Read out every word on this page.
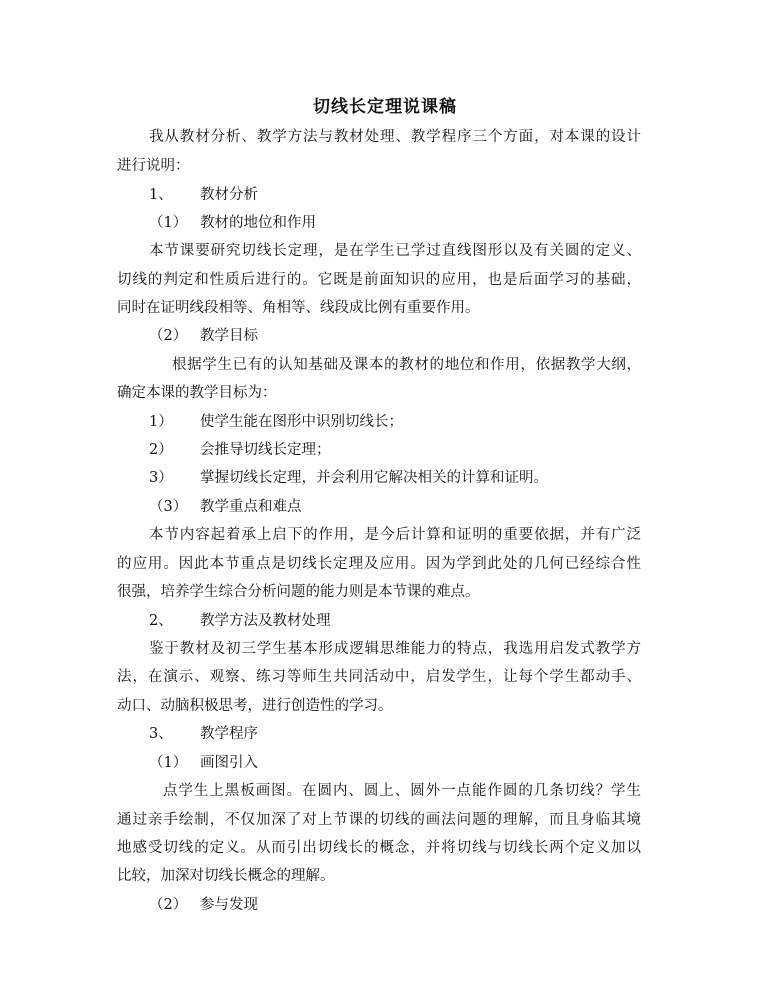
切线长定理说课稿
我从教材分析、教学方法与教材处理、教学程序三个方面，对本课的设计
进行说明：
1、 教材分析
（1） 教材的地位和作用
本节课要研究切线长定理，是在学生已学过直线图形以及有关圆的定义、
切线的判定和性质后进行的。它既是前面知识的应用，也是后面学习的基础，
同时在证明线段相等、角相等、线段成比例有重要作用。
（2） 教学目标
根据学生已有的认知基础及课本的教材的地位和作用，依据教学大纲，
确定本课的教学目标为：
1） 使学生能在图形中识别切线长；
2） 会推导切线长定理；
3） 掌握切线长定理，并会利用它解决相关的计算和证明。
（3） 教学重点和难点
本节内容起着承上启下的作用，是今后计算和证明的重要依据，并有广泛
的应用。因此本节重点是切线长定理及应用。因为学到此处的几何已经综合性
很强，培养学生综合分析问题的能力则是本节课的难点。
2、 教学方法及教材处理
鉴于教材及初三学生基本形成逻辑思维能力的特点，我选用启发式教学方
法，在演示、观察、练习等师生共同活动中，启发学生，让每个学生都动手、
动口、动脑积极思考，进行创造性的学习。
3、 教学程序
（1） 画图引入
点学生上黑板画图。在圆内、圆上、圆外一点能作圆的几条切线？学生
通过亲手绘制，不仅加深了对上节课的切线的画法问题的理解，而且身临其境
地感受切线的定义。从而引出切线长的概念，并将切线与切线长两个定义加以
比较，加深对切线长概念的理解。
（2） 参与发现
